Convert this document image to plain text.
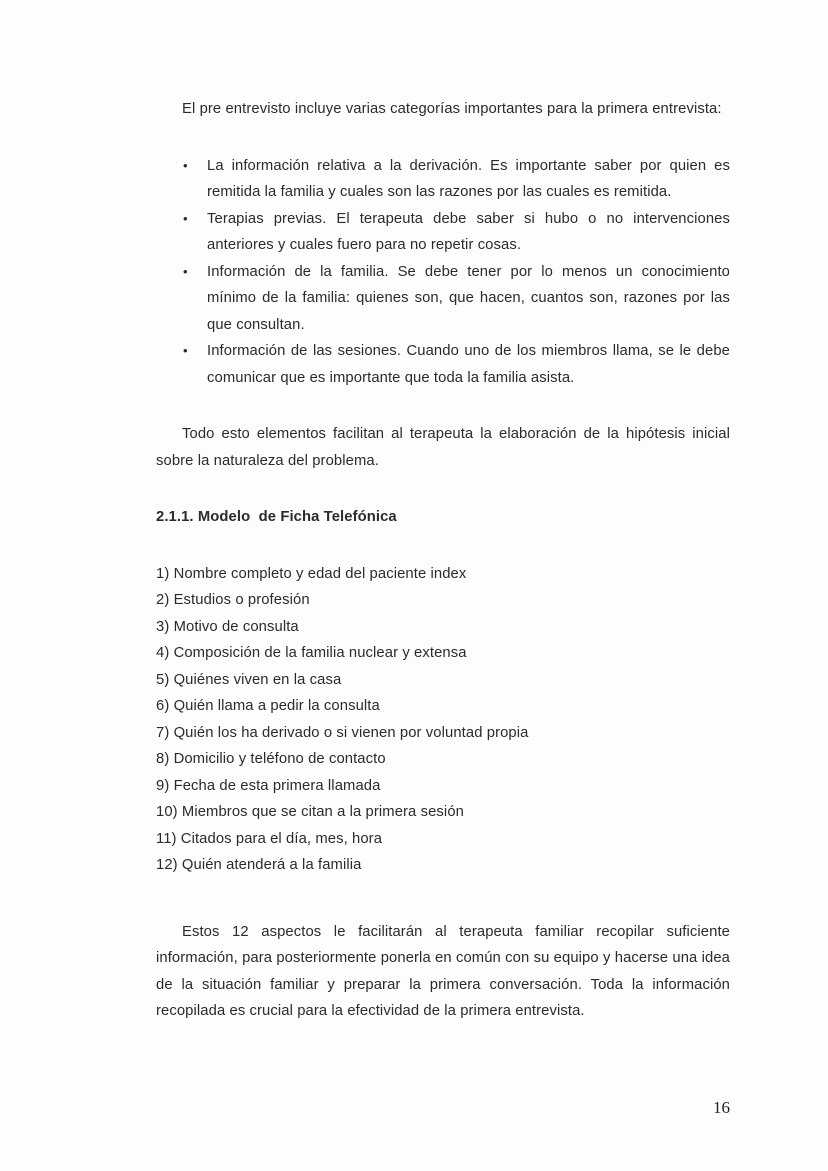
El pre entrevisto incluye varias categorías importantes para la primera entrevista:

•	La información relativa a la derivación. Es importante saber por quien es remitida la familia y cuales son las razones por las cuales es remitida.
•	Terapias previas. El terapeuta debe saber si hubo o no intervenciones anteriores y cuales fuero para no repetir cosas.
•	Información de la familia. Se debe tener por lo menos un conocimiento mínimo de la familia: quienes son, que hacen, cuantos son, razones por las que consultan.
•	Información de las sesiones. Cuando uno de los miembros llama, se le debe comunicar que es importante que toda la familia asista.

Todo esto elementos facilitan al terapeuta la elaboración de la hipótesis inicial sobre la naturaleza del problema.

2.1.1. Modelo  de Ficha Telefónica
1) Nombre completo y edad del paciente index
2) Estudios o profesión
3) Motivo de consulta
4) Composición de la familia nuclear y extensa
5) Quiénes viven en la casa
6) Quién llama a pedir la consulta
7) Quién los ha derivado o si vienen por voluntad propia
8) Domicilio y teléfono de contacto
9) Fecha de esta primera llamada
10) Miembros que se citan a la primera sesión
11) Citados para el día, mes, hora
12) Quién atenderá a la familia

Estos 12 aspectos le facilitarán al terapeuta familiar recopilar suficiente información, para posteriormente ponerla en común con su equipo y hacerse una idea de la situación familiar y preparar la primera conversación. Toda la información recopilada es crucial para la efectividad de la primera entrevista.

16
